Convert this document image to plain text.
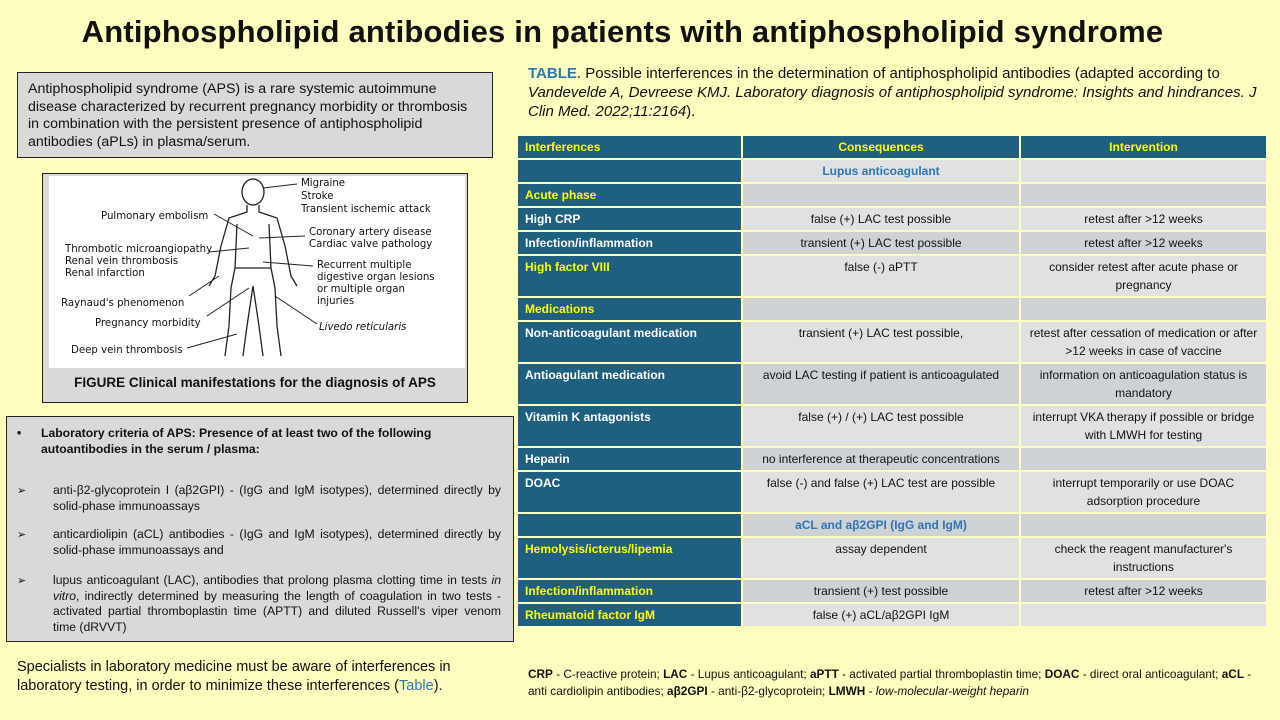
Antiphospholipid antibodies in patients with antiphospholipid syndrome
Antiphospholipid syndrome (APS) is a rare systemic autoimmune disease characterized by recurrent pregnancy morbidity or thrombosis in combination with the persistent presence of antiphospholipid antibodies (aPLs) in plasma/serum.
Migraine
Stroke
Transient ischemic attack
Pulmonary embolism
Coronary artery disease
Cardiac valve pathology
Thrombotic microangiopathy
Renal vein thrombosis
Renal infarction
Recurrent multiple
digestive organ lesions
or multiple organ
injuries
Raynaud's phenomenon
Pregnancy morbidity	Livedo reticularis
Deep vein thrombosis
FIGURE Clinical manifestations for the diagnosis of APS
• Laboratory criteria of APS: Presence of at least two of the following autoantibodies in the serum / plasma:
➢ anti-β2-glycoprotein I (aβ2GPI) - (IgG and IgM isotypes), determined directly by solid-phase immunoassays
➢ anticardiolipin (aCL) antibodies - (IgG and IgM isotypes), determined directly by solid-phase immunoassays and
➢ lupus anticoagulant (LAC), antibodies that prolong plasma clotting time in tests in vitro, indirectly determined by measuring the length of coagulation in two tests - activated partial thromboplastin time (APTT) and diluted Russell's viper venom time (dRVVT)
Specialists in laboratory medicine must be aware of interferences in laboratory testing, in order to minimize these interferences (Table).
TABLE. Possible interferences in the determination of antiphospholipid antibodies (adapted according to Vandevelde A, Devreese KMJ. Laboratory diagnosis of antiphospholipid syndrome: Insights and hindrances. J Clin Med. 2022;11:2164).
Interferences	Consequences	Intervention
	Lupus anticoagulant	
Acute phase		
High CRP	false (+) LAC test possible	retest after >12 weeks
Infection/inflammation	transient (+) LAC test possible	retest after >12 weeks
High factor VIII	false (-) aPTT	consider retest after acute phase or pregnancy
Medications		
Non-anticoagulant medication	transient (+) LAC test possible,	retest after cessation of medication or after >12 weeks in case of vaccine
Antioagulant medication	avoid LAC testing if patient is anticoagulated	information on anticoagulation status is mandatory
Vitamin K antagonists	false (+) / (+) LAC test possible	interrupt VKA therapy if possible or bridge with LMWH for testing
Heparin	no interference at therapeutic concentrations	
DOAC	false (-) and false (+) LAC test are possible	interrupt temporarily or use DOAC adsorption procedure
	aCL and aβ2GPI (IgG and IgM)	
Hemolysis/icterus/lipemia	assay dependent	check the reagent manufacturer's instructions
Infection/inflammation	transient (+) test possible	retest after >12 weeks
Rheumatoid factor IgM	false (+) aCL/aβ2GPI IgM	
CRP - C-reactive protein; LAC - Lupus anticoagulant; aPTT - activated partial thromboplastin time; DOAC - direct oral anticoagulant; aCL - anti cardiolipin antibodies; aβ2GPI - anti-β2-glycoprotein; LMWH - low-molecular-weight heparin
